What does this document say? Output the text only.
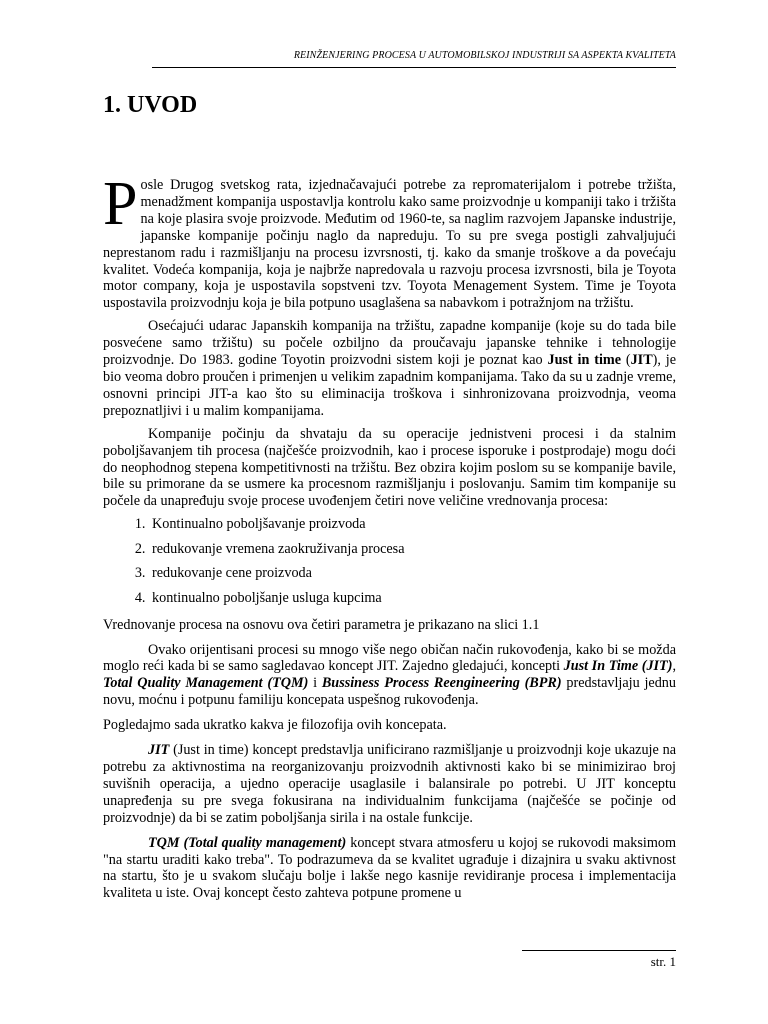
REINŽENJERING PROCESA U AUTOMOBILSKOJ INDUSTRIJI SA ASPEKTA KVALITETA
1. UVOD

Posle Drugog svetskog rata, izjednačavajući potrebe za repromaterijalom i potrebe tržišta, menadžment kompanija uspostavlja kontrolu kako same proizvodnje u kompaniji tako i tržišta na koje plasira svoje proizvode. Međutim od 1960-te, sa naglim razvojem Japanske industrije, japanske kompanije počinju naglo da napreduju. To su pre svega postigli zahvaljujući neprestanom radu i razmišljanju na procesu izvrsnosti, tj. kako da smanje troškove a da povećaju kvalitet. Vodeća kompanija, koja je najbrže napredovala u razvoju procesa izvrsnosti, bila je Toyota motor company, koja je uspostavila sopstveni tzv. Toyota Menagement System. Time je Toyota uspostavila proizvodnju koja je bila potpuno usaglašena sa nabavkom i potražnjom na tržištu.

Osećajući udarac Japanskih kompanija na tržištu, zapadne kompanije (koje su do tada bile posvećene samo tržištu) su počele ozbiljno da proučavaju japanske tehnike i tehnologije proizvodnje. Do 1983. godine Toyotin proizvodni sistem koji je poznat kao Just in time (JIT), je bio veoma dobro proučen i primenjen u velikim zapadnim kompanijama. Tako da su u zadnje vreme, osnovni principi JIT-a kao što su eliminacija troškova i sinhronizovana proizvodnja, veoma prepoznatljivi i u malim kompanijama.

Kompanije počinju da shvataju da su operacije jednistveni procesi i da stalnim poboljšavanjem tih procesa (najčešće proizvodnih, kao i procese isporuke i postprodaje) mogu doći do neophodnog stepena kompetitivnosti na tržištu. Bez obzira kojim poslom su se kompanije bavile, bile su primorane da se usmere ka procesnom razmišljanju i poslovanju. Samim tim kompanije su počele da unapređuju svoje procese uvođenjem četiri nove veličine vrednovanja procesa:

1. Kontinualno poboljšavanje proizvoda
2. redukovanje vremena zaokruživanja procesa
3. redukovanje cene proizvoda
4. kontinualno poboljšanje usluga kupcima

Vrednovanje procesa na osnovu ova četiri parametra je prikazano na slici 1.1

Ovako orijentisani procesi su mnogo više nego običan način rukovođenja, kako bi se možda moglo reći kada bi se samo sagledavao koncept JIT. Zajedno gledajući, koncepti Just In Time (JIT), Total Quality Management (TQM) i Bussiness Process Reengineering (BPR) predstavljaju jednu novu, moćnu i potpunu familiju koncepata uspešnog rukovođenja.

Pogledajmo sada ukratko kakva je filozofija ovih koncepata.

JIT (Just in time) koncept predstavlja unificirano razmišljanje u proizvodnji koje ukazuje na potrebu za aktivnostima na reorganizovanju proizvodnih aktivnosti kako bi se minimizirao broj suvišnih operacija, a ujedno operacije usaglasile i balansirale po potrebi. U JIT konceptu unapređenja su pre svega fokusirana na individualnim funkcijama (najčešće se počinje od proizvodnje) da bi se zatim poboljšanja sirila i na ostale funkcije.

TQM (Total quality management) koncept stvara atmosferu u kojoj se rukovodi maksimom "na startu uraditi kako treba". To podrazumeva da se kvalitet ugrađuje i dizajnira u svaku aktivnost na startu, što je u svakom slučaju bolje i lakše nego kasnije revidiranje procesa i implementacija kvaliteta u iste. Ovaj koncept često zahteva potpune promene u

str. 1
